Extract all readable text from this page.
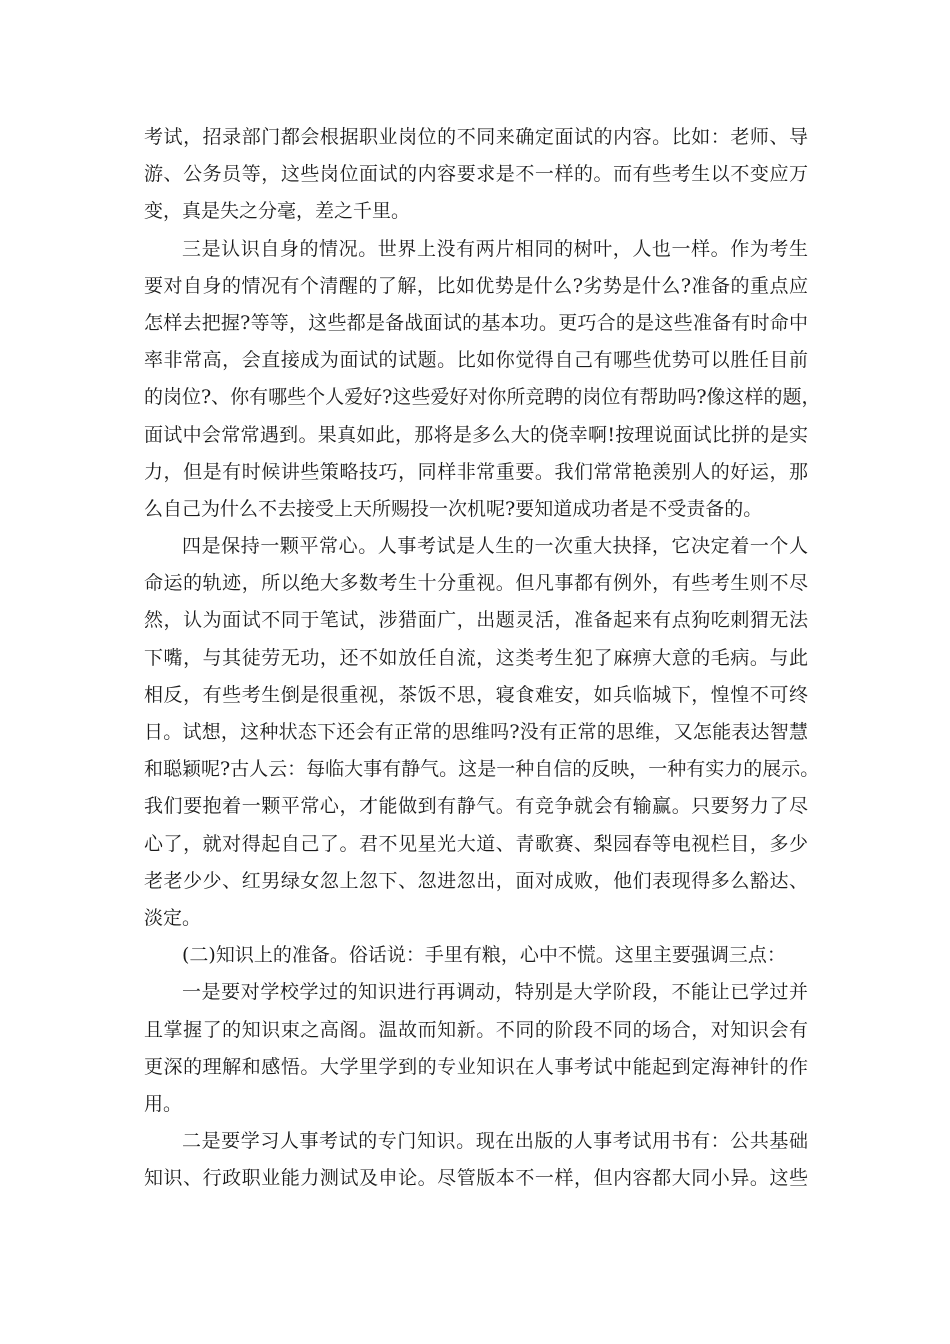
考试，招录部门都会根据职业岗位的不同来确定面试的内容。比如：老师、导
游、公务员等，这些岗位面试的内容要求是不一样的。而有些考生以不变应万
变，真是失之分毫，差之千里。
三是认识自身的情况。世界上没有两片相同的树叶，人也一样。作为考生
要对自身的情况有个清醒的了解，比如优势是什么?劣势是什么?准备的重点应
怎样去把握?等等，这些都是备战面试的基本功。更巧合的是这些准备有时命中
率非常高，会直接成为面试的试题。比如你觉得自己有哪些优势可以胜任目前
的岗位?、你有哪些个人爱好?这些爱好对你所竞聘的岗位有帮助吗?像这样的题，
面试中会常常遇到。果真如此，那将是多么大的侥幸啊!按理说面试比拼的是实
力，但是有时候讲些策略技巧，同样非常重要。我们常常艳羡别人的好运，那
么自己为什么不去接受上天所赐投一次机呢?要知道成功者是不受责备的。
四是保持一颗平常心。人事考试是人生的一次重大抉择，它决定着一个人
命运的轨迹，所以绝大多数考生十分重视。但凡事都有例外，有些考生则不尽
然，认为面试不同于笔试，涉猎面广，出题灵活，准备起来有点狗吃刺猬无法
下嘴，与其徒劳无功，还不如放任自流，这类考生犯了麻痹大意的毛病。与此
相反，有些考生倒是很重视，茶饭不思，寝食难安，如兵临城下，惶惶不可终
日。试想，这种状态下还会有正常的思维吗?没有正常的思维，又怎能表达智慧
和聪颖呢?古人云：每临大事有静气。这是一种自信的反映，一种有实力的展示。
我们要抱着一颗平常心，才能做到有静气。有竞争就会有输赢。只要努力了尽
心了，就对得起自己了。君不见星光大道、青歌赛、梨园春等电视栏目，多少
老老少少、红男绿女忽上忽下、忽进忽出，面对成败，他们表现得多么豁达、
淡定。
(二)知识上的准备。俗话说：手里有粮，心中不慌。这里主要强调三点：
一是要对学校学过的知识进行再调动，特别是大学阶段，不能让已学过并
且掌握了的知识束之高阁。温故而知新。不同的阶段不同的场合，对知识会有
更深的理解和感悟。大学里学到的专业知识在人事考试中能起到定海神针的作
用。
二是要学习人事考试的专门知识。现在出版的人事考试用书有：公共基础
知识、行政职业能力测试及申论。尽管版本不一样，但内容都大同小异。这些
